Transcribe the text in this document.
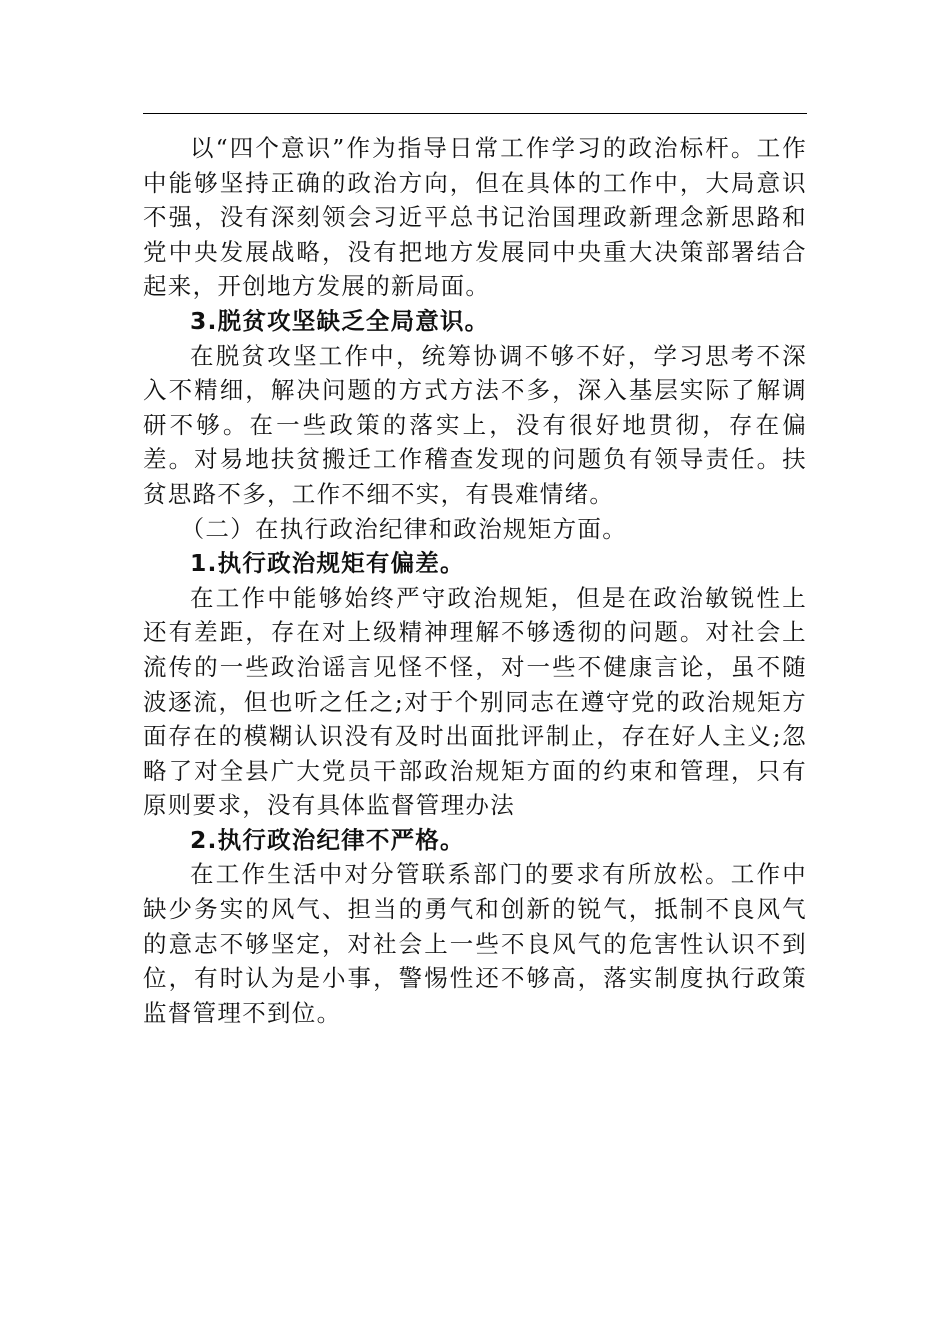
以“四个意识”作为指导日常工作学习的政治标杆。工作中能够坚持正确的政治方向，但在具体的工作中，大局意识不强，没有深刻领会习近平总书记治国理政新理念新思路和党中央发展战略，没有把地方发展同中央重大决策部署结合起来，开创地方发展的新局面。

3.脱贫攻坚缺乏全局意识。

在脱贫攻坚工作中，统筹协调不够不好，学习思考不深入不精细，解决问题的方式方法不多，深入基层实际了解调研不够。在一些政策的落实上，没有很好地贯彻，存在偏差。对易地扶贫搬迁工作稽查发现的问题负有领导责任。扶贫思路不多，工作不细不实，有畏难情绪。

（二）在执行政治纪律和政治规矩方面。

1.执行政治规矩有偏差。

在工作中能够始终严守政治规矩，但是在政治敏锐性上还有差距，存在对上级精神理解不够透彻的问题。对社会上流传的一些政治谣言见怪不怪，对一些不健康言论，虽不随波逐流，但也听之任之;对于个别同志在遵守党的政治规矩方面存在的模糊认识没有及时出面批评制止，存在好人主义;忽略了对全县广大党员干部政治规矩方面的约束和管理，只有原则要求，没有具体监督管理办法

2.执行政治纪律不严格。

在工作生活中对分管联系部门的要求有所放松。工作中缺少务实的风气、担当的勇气和创新的锐气，抵制不良风气的意志不够坚定，对社会上一些不良风气的危害性认识不到位，有时认为是小事，警惕性还不够高，落实制度执行政策监督管理不到位。
